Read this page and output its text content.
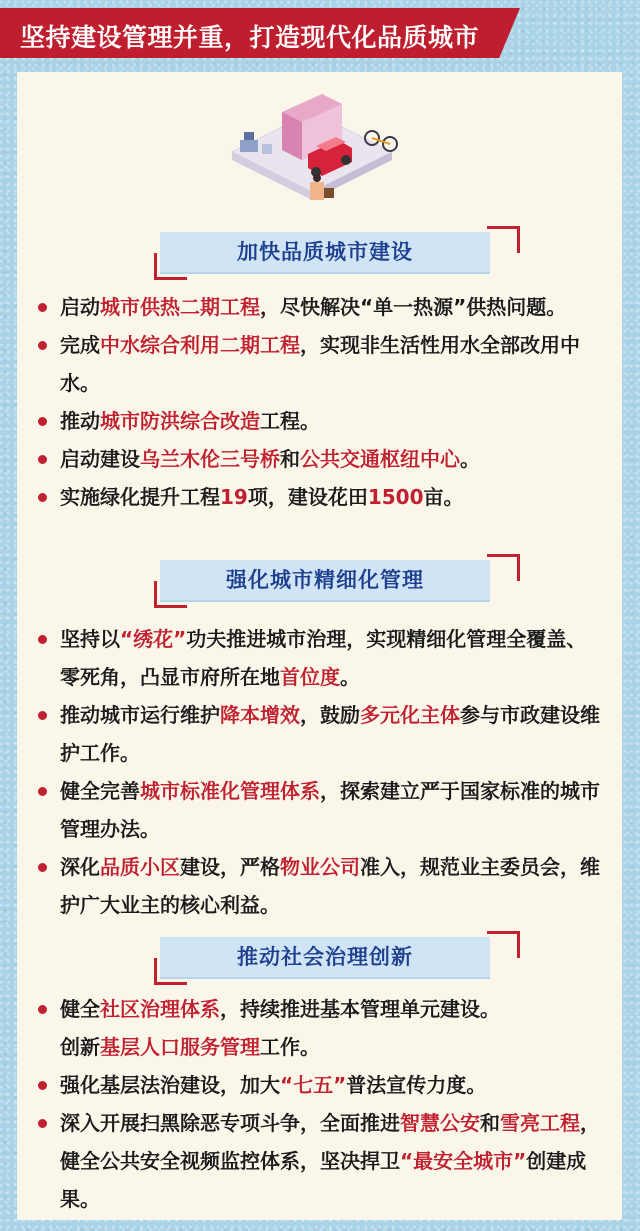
坚持建设管理并重，打造现代化品质城市
加快品质城市建设
启动城市供热二期工程，尽快解决“单一热源”供热问题。
完成中水综合利用二期工程，实现非生活性用水全部改用中水。
推动城市防洪综合改造工程。
启动建设乌兰木伦三号桥和公共交通枢纽中心。
实施绿化提升工程19项，建设花田1500亩。
强化城市精细化管理
坚持以“绣花”功夫推进城市治理，实现精细化管理全覆盖、零死角，凸显市府所在地首位度。
推动城市运行维护降本增效，鼓励多元化主体参与市政建设维护工作。
健全完善城市标准化管理体系，探索建立严于国家标准的城市管理办法。
深化品质小区建设，严格物业公司准入，规范业主委员会，维护广大业主的核心利益。
推动社会治理创新
健全社区治理体系，持续推进基本管理单元建设。
创新基层人口服务管理工作。
强化基层法治建设，加大“七五”普法宣传力度。
深入开展扫黑除恶专项斗争，全面推进智慧公安和雪亮工程，健全公共安全视频监控体系，坚决捍卫“最安全城市”创建成果。
